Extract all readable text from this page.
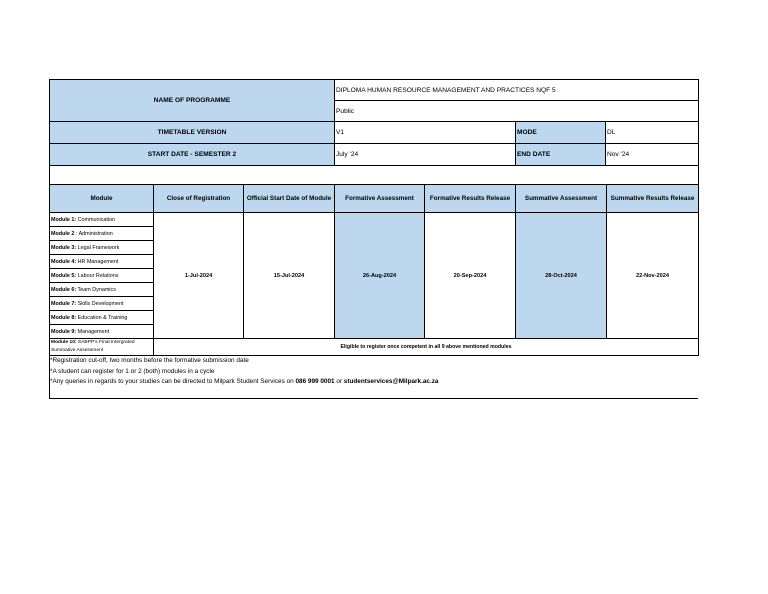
NAME OF PROGRAMME	DIPLOMA HUMAN RESOURCE MANAGEMENT AND PRACTICES NQF 5		
	Public		
TIMETABLE VERSION	V1	MODE	DL
START DATE - SEMESTER 2	July '24	END DATE	Nov '24

Module	Close of Registration	Official Start Date of Module	Formative Assessment	Formative Results Release	Summative Assessment	Summative Results Release
Module 1: Communication	1-Jul-2024	15-Jul-2024	26-Aug-2024	20-Sep-2024	28-Oct-2024	22-Nov-2024
Module 2 : Administration						
Module 3: Legal Framework						
Module 4: HR Management						
Module 5: Labour Relations						
Module 6: Team Dynamics						
Module 7: Skills Development						
Module 8: Education & Training						
Module 9: Management						
Module 10: SABPP's Final Intergrated
Summative Assessment	Eligible to register once competent in all 9 above mentioned modules					
*Registration cut-off, two months before the formative submission date
*A student can register for 1 or 2 (both) modules in a cycle
*Any queries in regards to your studies can be directed to Milpark Student Services on 086 999 0001 or studentservices@Milpark.ac.za
